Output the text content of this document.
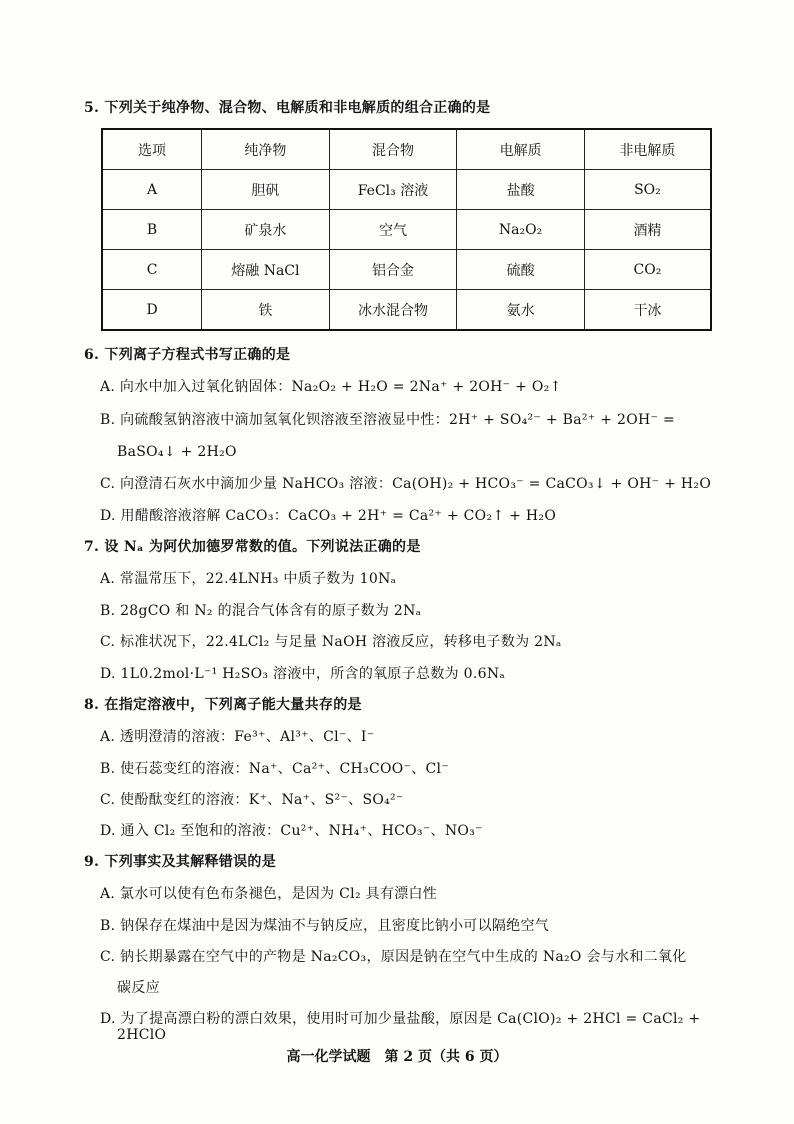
5. 下列关于纯净物、混合物、电解质和非电解质的组合正确的是
选项	纯净物	混合物	电解质	非电解质
A	胆矾	FeCl₃ 溶液	盐酸	SO₂
B	矿泉水	空气	Na₂O₂	酒精
C	熔融 NaCl	铝合金	硫酸	CO₂
D	铁	冰水混合物	氨水	干冰
6. 下列离子方程式书写正确的是
A. 向水中加入过氧化钠固体：Na₂O₂ + H₂O = 2Na⁺ + 2OH⁻ + O₂↑
B. 向硫酸氢钠溶液中滴加氢氧化钡溶液至溶液显中性：2H⁺ + SO₄²⁻ + Ba²⁺ + 2OH⁻ =
BaSO₄↓ + 2H₂O
C. 向澄清石灰水中滴加少量 NaHCO₃ 溶液：Ca(OH)₂ + HCO₃⁻ = CaCO₃↓ + OH⁻ + H₂O
D. 用醋酸溶液溶解 CaCO₃：CaCO₃ + 2H⁺ = Ca²⁺ + CO₂↑ + H₂O
7. 设 Nₐ 为阿伏加德罗常数的值。下列说法正确的是
A. 常温常压下，22.4LNH₃ 中质子数为 10Nₐ
B. 28gCO 和 N₂ 的混合气体含有的原子数为 2Nₐ
C. 标准状况下，22.4LCl₂ 与足量 NaOH 溶液反应，转移电子数为 2Nₐ
D. 1L0.2mol·L⁻¹ H₂SO₃ 溶液中，所含的氧原子总数为 0.6Nₐ
8. 在指定溶液中，下列离子能大量共存的是
A. 透明澄清的溶液：Fe³⁺、Al³⁺、Cl⁻、I⁻
B. 使石蕊变红的溶液：Na⁺、Ca²⁺、CH₃COO⁻、Cl⁻
C. 使酚酞变红的溶液：K⁺、Na⁺、S²⁻、SO₄²⁻
D. 通入 Cl₂ 至饱和的溶液：Cu²⁺、NH₄⁺、HCO₃⁻、NO₃⁻
9. 下列事实及其解释错误的是
A. 氯水可以使有色布条褪色，是因为 Cl₂ 具有漂白性
B. 钠保存在煤油中是因为煤油不与钠反应，且密度比钠小可以隔绝空气
C. 钠长期暴露在空气中的产物是 Na₂CO₃，原因是钠在空气中生成的 Na₂O 会与水和二氧化
碳反应
D. 为了提高漂白粉的漂白效果，使用时可加少量盐酸，原因是 Ca(ClO)₂ + 2HCl = CaCl₂ +
2HClO
高一化学试题　第 2 页（共 6 页）
